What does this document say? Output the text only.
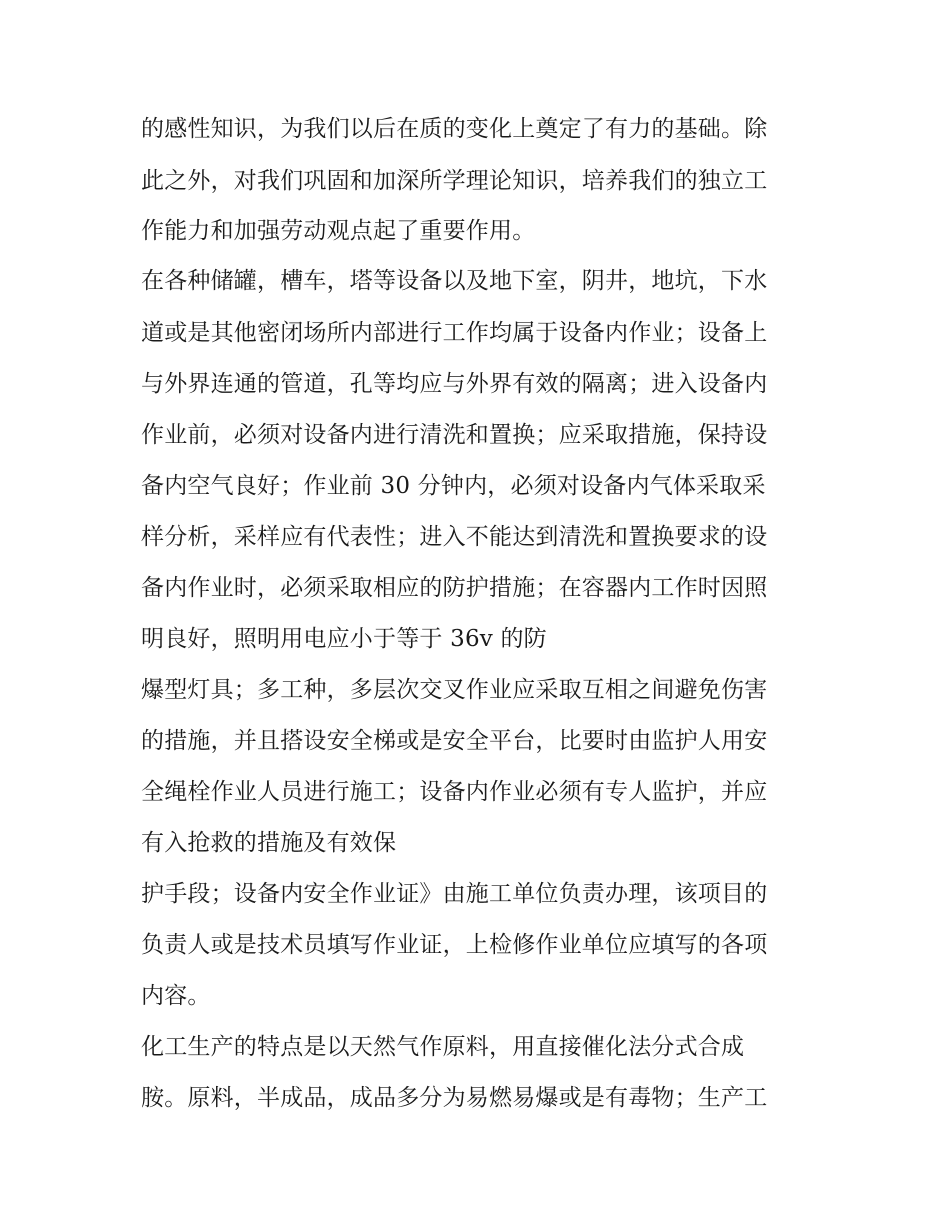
的感性知识，为我们以后在质的变化上奠定了有力的基础。除
此之外，对我们巩固和加深所学理论知识，培养我们的独立工
作能力和加强劳动观点起了重要作用。
在各种储罐，槽车，塔等设备以及地下室，阴井，地坑，下水
道或是其他密闭场所内部进行工作均属于设备内作业；设备上
与外界连通的管道，孔等均应与外界有效的隔离；进入设备内
作业前，必须对设备内进行清洗和置换；应采取措施，保持设
备内空气良好；作业前 30 分钟内，必须对设备内气体采取采
样分析，采样应有代表性；进入不能达到清洗和置换要求的设
备内作业时，必须采取相应的防护措施；在容器内工作时因照
明良好，照明用电应小于等于 36v 的防
爆型灯具；多工种，多层次交叉作业应采取互相之间避免伤害
的措施，并且搭设安全梯或是安全平台，比要时由监护人用安
全绳栓作业人员进行施工；设备内作业必须有专人监护，并应
有入抢救的措施及有效保
护手段；设备内安全作业证》由施工单位负责办理，该项目的
负责人或是技术员填写作业证，上检修作业单位应填写的各项
内容。
化工生产的特点是以天然气作原料，用直接催化法分式合成
胺。原料，半成品，成品多分为易燃易爆或是有毒物；生产工
